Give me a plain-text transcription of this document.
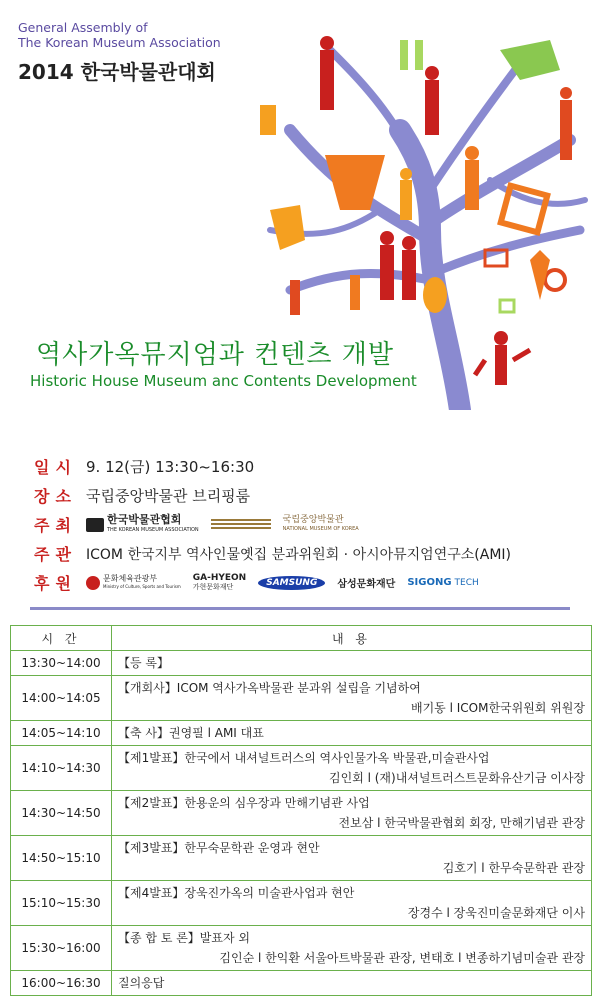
General Assembly of
The Korean Museum Association
2014 한국박물관대회
역사가옥뮤지엄과 컨텐츠 개발
Historic House Museum anc Contents Development
일시 9. 12(금) 13:30~16:30
장소 국립중앙박물관 브리핑룸
주최	한국박물관협회
THE KOREAN MUSEUM ASSOCIATION
국립중앙박물관
NATIONAL MUSEUM OF KOREA
주관 ICOM 한국지부 역사인물옛집 분과위원회 · 아시아뮤지엄연구소(AMI)
후원	문화체육관광부
Ministry of Culture, Sports and Tourism
GA-HYEON
가현문화재단	SAMSUNG	삼성문화재단 SIGONG TECH
시 간	내 용
13:30~14:00	【등 록】

14:00~14:05	【개회사】ICOM 역사가옥박물관 분과위 설립을 기념하여
배기동 l ICOM한국위원회 위원장

14:05~14:10	【축 사】권영필 l AMI 대표

14:10~14:30	【제1발표】한국에서 내셔널트러스의 역사인물가옥 박물관,미술관사업
김인회 l (재)내셔널트러스트문화유산기금 이사장

14:30~14:50	【제2발표】한용운의 심우장과 만해기념관 사업
전보삼 l 한국박물관협회 회장, 만해기념관 관장

14:50~15:10	【제3발표】한무숙문학관 운영과 현안
김호기 l 한무숙문학관 관장

15:10~15:30	【제4발표】장욱진가옥의 미술관사업과 현안
장경수 l 장욱진미술문화재단 이사

15:30~16:00	【종 합 토 론】발표자 외
김인순 l 한익환 서울아트박물관 관장, 변태호 l 변종하기념미술관 관장

16:00~16:30	질의응답
